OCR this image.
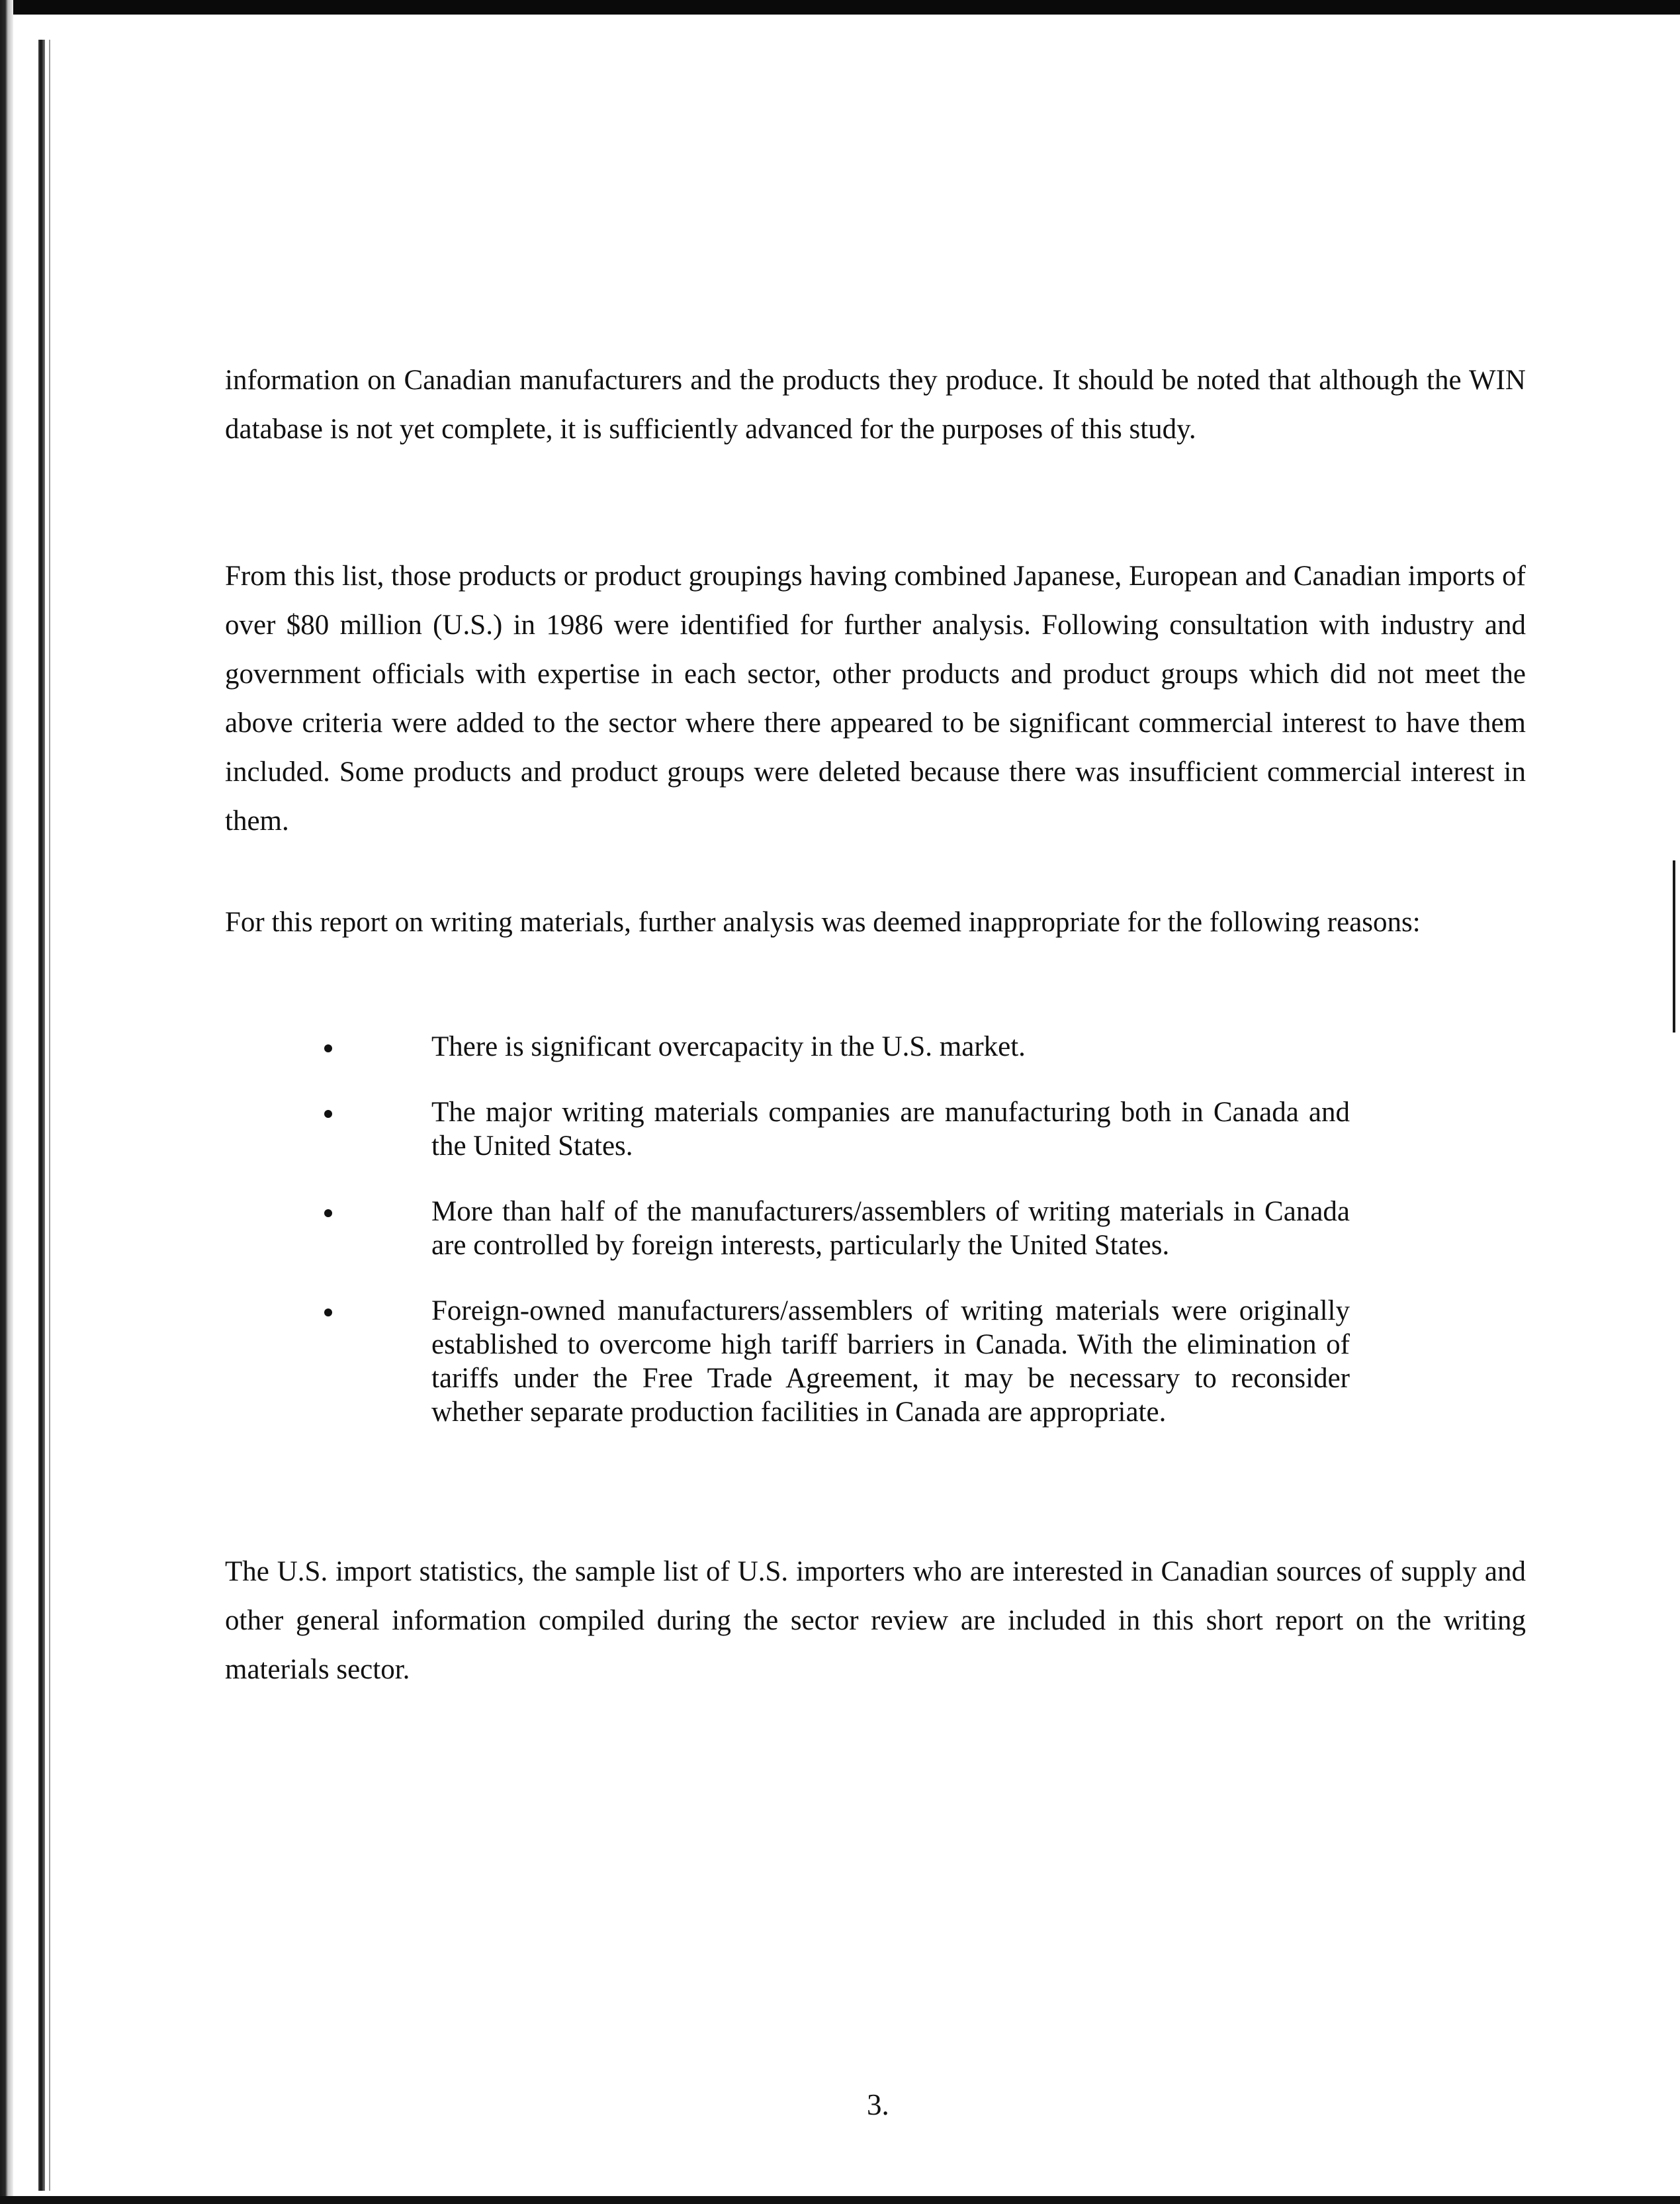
information on Canadian manufacturers and the products they produce. It should be noted that although the WIN database is not yet complete, it is sufficiently advanced for the purposes of this study.

From this list, those products or product groupings having combined Japanese, European and Canadian imports of over $80 million (U.S.) in 1986 were identified for further analysis. Following consultation with industry and government officials with expertise in each sector, other products and product groups which did not meet the above criteria were added to the sector where there appeared to be significant commercial interest to have them included. Some products and product groups were deleted because there was insufficient commercial interest in them.

For this report on writing materials, further analysis was deemed inappropriate for the following reasons:

There is significant overcapacity in the U.S. market.
The major writing materials companies are manufacturing both in Canada and the United States.
More than half of the manufacturers/assemblers of writing materials in Canada are controlled by foreign interests, particularly the United States.
Foreign-owned manufacturers/assemblers of writing materials were originally established to overcome high tariff barriers in Canada. With the elimination of tariffs under the Free Trade Agreement, it may be necessary to reconsider whether separate production facilities in Canada are appropriate.

The U.S. import statistics, the sample list of U.S. importers who are interested in Canadian sources of supply and other general information compiled during the sector review are included in this short report on the writing materials sector.

3.
